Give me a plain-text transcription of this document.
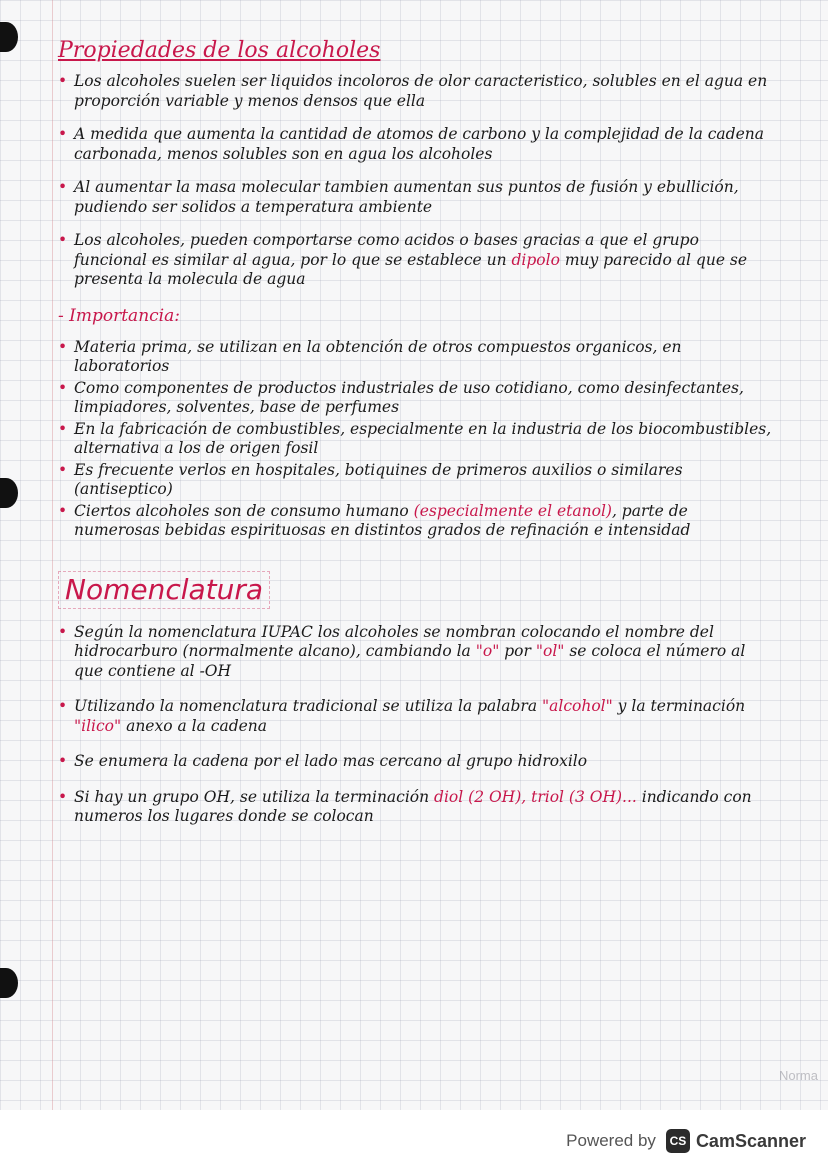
Propiedades de los alcoholes
• Los alcoholes suelen ser liquidos incoloros de olor caracteristico, solubles en el agua en proporción variable y menos densos que ella
• A medida que aumenta la cantidad de atomos de carbono y la complejidad de la cadena carbonada, menos solubles son en agua los alcoholes
• Al aumentar la masa molecular tambien aumentan sus puntos de fusión y ebullición, pudiendo ser solidos a temperatura ambiente
• Los alcoholes, pueden comportarse como acidos o bases gracias a que el grupo funcional es similar al agua, por lo que se establece un dipolo muy parecido al que se presenta la molecula de agua
- Importancia:
• Materia prima, se utilizan en la obtención de otros compuestos organicos, en laboratorios
• Como componentes de productos industriales de uso cotidiano, como desinfectantes, limpiadores, solventes, base de perfumes
• En la fabricación de combustibles, especialmente en la industria de los biocombustibles, alternativa a los de origen fosil
• Es frecuente verlos en hospitales, botiquines de primeros auxilios o similares (antiseptico)
• Ciertos alcoholes son de consumo humano (especialmente el etanol), parte de numerosas bebidas espirituosas en distintos grados de refinación e intensidad
Nomenclatura
• Según la nomenclatura IUPAC los alcoholes se nombran colocando el nombre del hidrocarburo (normalmente alcano), cambiando la "o" por "ol" se coloca el número al que contiene al -OH
• Utilizando la nomenclatura tradicional se utiliza la palabra "alcohol" y la terminación "ilico" anexo a la cadena
• Se enumera la cadena por el lado mas cercano al grupo hidroxilo
• Si hay un grupo OH, se utiliza la terminación diol (2 OH), triol (3 OH)... indicando con numeros los lugares donde se colocan
Norma
Powered by	CS CamScanner
